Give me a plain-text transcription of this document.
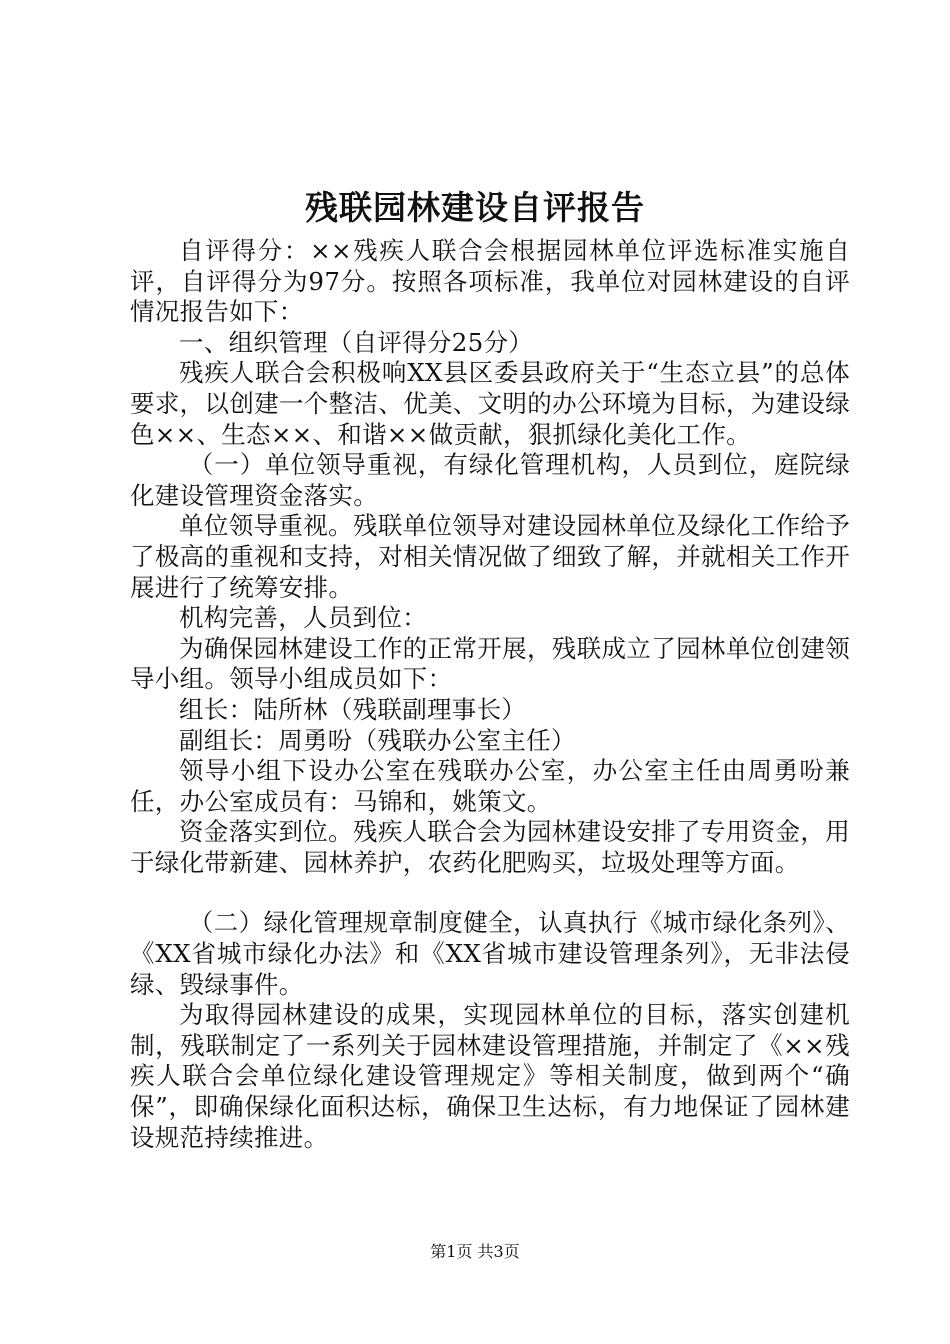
残联园林建设自评报告

自评得分：××残疾人联合会根据园林单位评选标准实施自评，自评得分为97分。按照各项标准，我单位对园林建设的自评情况报告如下：

一、组织管理（自评得分25分）

残疾人联合会积极响XX县区委县政府关于“生态立县”的总体要求，以创建一个整洁、优美、文明的办公环境为目标，为建设绿色××、生态××、和谐××做贡献，狠抓绿化美化工作。

（一）单位领导重视，有绿化管理机构，人员到位，庭院绿化建设管理资金落实。

单位领导重视。残联单位领导对建设园林单位及绿化工作给予了极高的重视和支持，对相关情况做了细致了解，并就相关工作开展进行了统筹安排。

机构完善，人员到位：

为确保园林建设工作的正常开展，残联成立了园林单位创建领导小组。领导小组成员如下：

组长：陆所林（残联副理事长）

副组长：周勇吩（残联办公室主任）

领导小组下设办公室在残联办公室，办公室主任由周勇吩兼任，办公室成员有：马锦和，姚策文。

资金落实到位。残疾人联合会为园林建设安排了专用资金，用于绿化带新建、园林养护，农药化肥购买，垃圾处理等方面。

（二）绿化管理规章制度健全，认真执行《城市绿化条列》、《XX省城市绿化办法》和《XX省城市建设管理条列》，无非法侵绿、毁绿事件。

为取得园林建设的成果，实现园林单位的目标，落实创建机制，残联制定了一系列关于园林建设管理措施，并制定了《××残疾人联合会单位绿化建设管理规定》等相关制度，做到两个“确保”，即确保绿化面积达标，确保卫生达标，有力地保证了园林建设规范持续推进。

第1页 共3页
